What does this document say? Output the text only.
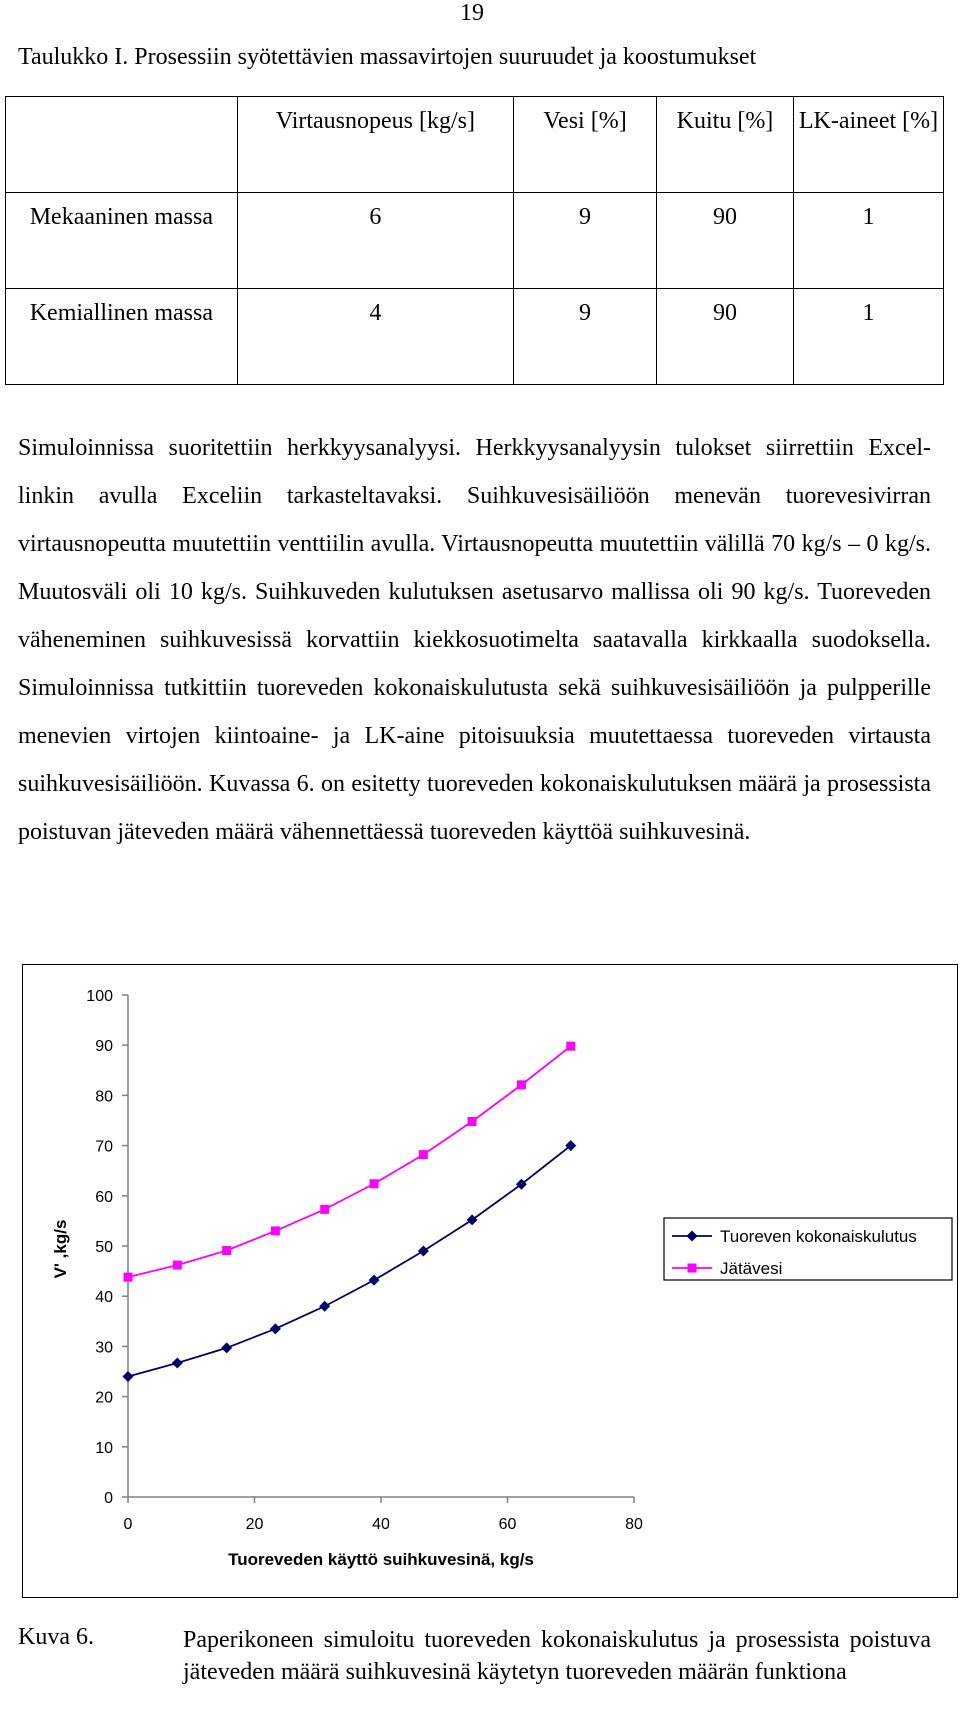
19
Taulukko I. Prosessiin syötettävien massavirtojen suuruudet ja koostumukset
	Virtausnopeus [kg/s]	Vesi [%]	Kuitu [%]	LK-aineet [%]
Mekaaninen massa	6	9	90	1
Kemiallinen massa	4	9	90	1

Simuloinnissa suoritettiin herkkyysanalyysi. Herkkyysanalyysin tulokset siirrettiin Excel-linkin avulla Exceliin tarkasteltavaksi. Suihkuvesisäiliöön menevän tuorevesivirran virtausnopeutta muutettiin venttiilin avulla. Virtausnopeutta muutettiin välillä 70 kg/s – 0 kg/s. Muutosväli oli 10 kg/s. Suihkuveden kulutuksen asetusarvo mallissa oli 90 kg/s. Tuoreveden väheneminen suihkuvesissä korvattiin kiekkosuotimelta saatavalla kirkkaalla suodoksella. Simuloinnissa tutkittiin tuoreveden kokonaiskulutusta sekä suihkuvesisäiliöön ja pulpperille menevien virtojen kiintoaine- ja LK-aine pitoisuuksia muutettaessa tuoreveden virtausta suihkuvesisäiliöön. Kuvassa 6. on esitetty tuoreveden kokonaiskulutuksen määrä ja prosessista poistuvan jäteveden määrä vähennettäessä tuoreveden käyttöä suihkuvesinä.

0
10
20
30
40
50
60
70
80
90
100
0	20	40	60	80
Tuoreveden käyttö suihkuvesinä, kg/s
V' ,kg/s	Tuoreven kokonaiskulutus
Jätävesi
Kuva 6.	Paperikoneen simuloitu tuoreveden kokonaiskulutus ja prosessista poistuva jäteveden määrä suihkuvesinä käytetyn tuoreveden määrän funktiona
